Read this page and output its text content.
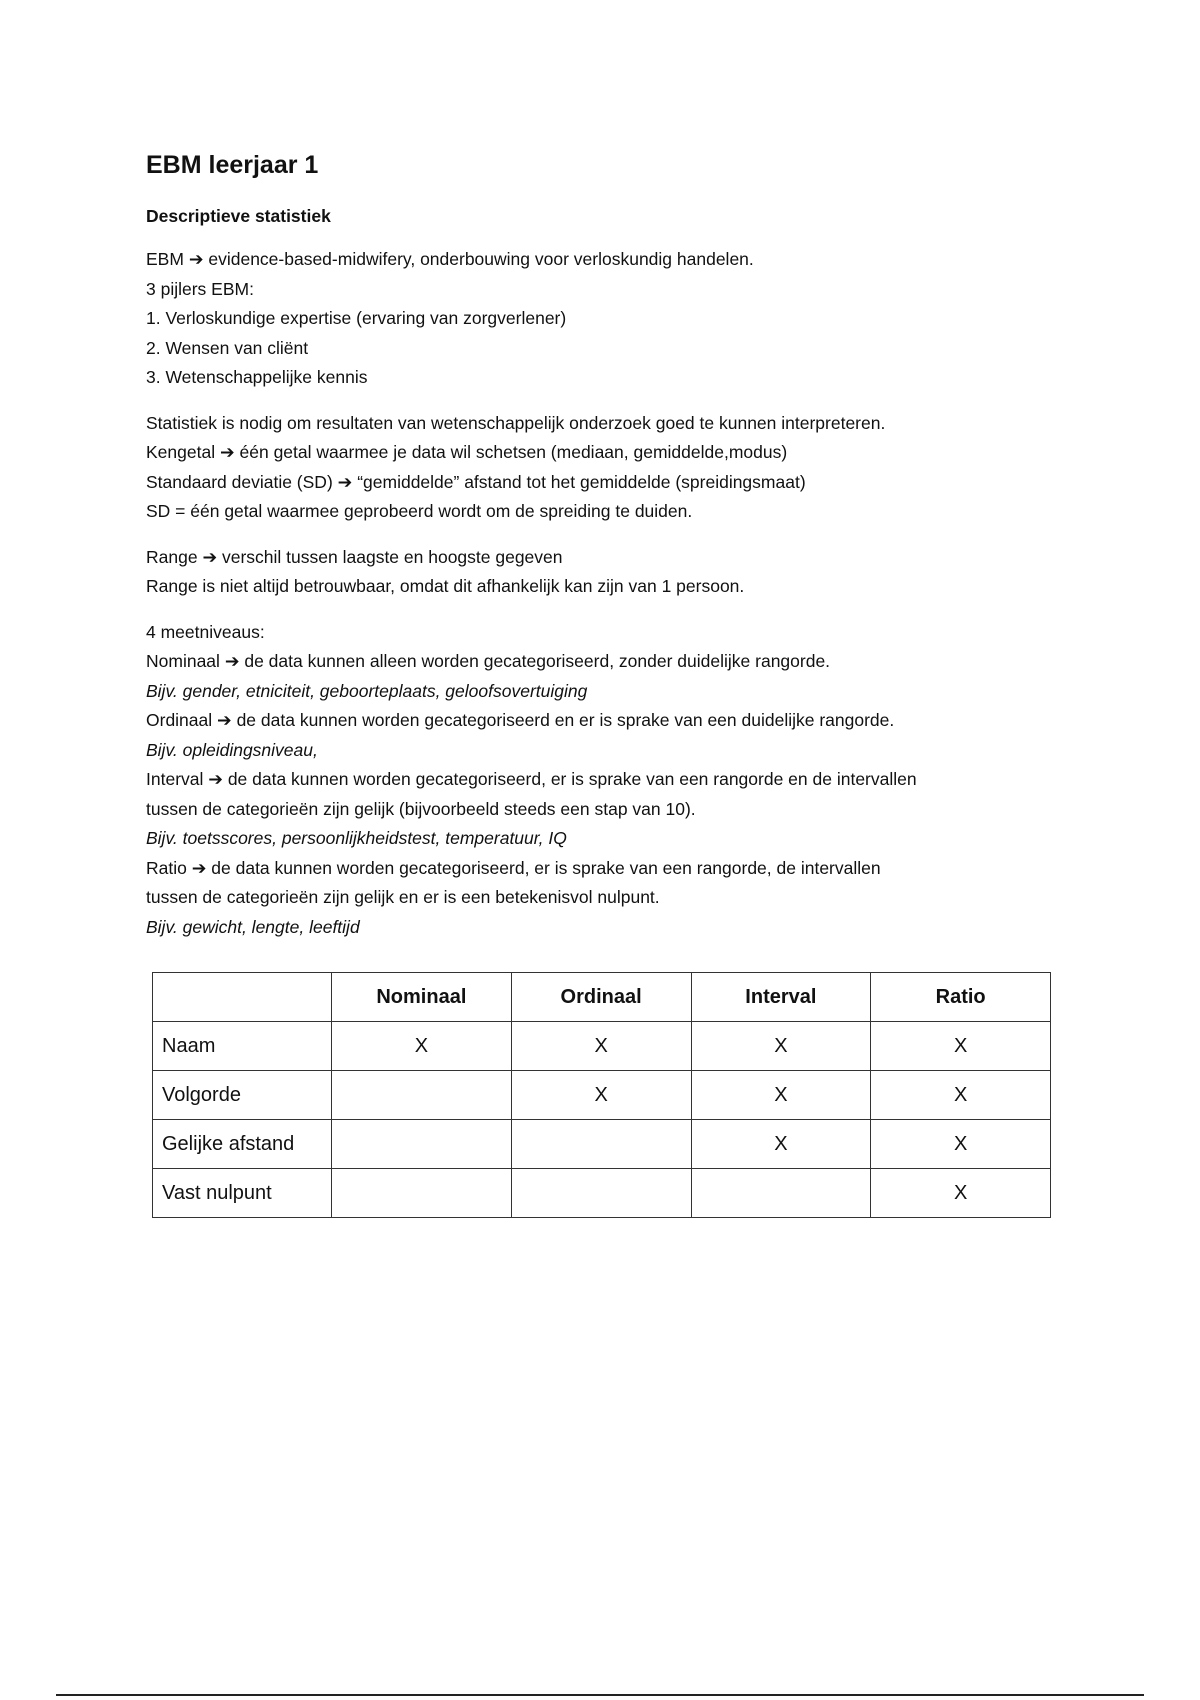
EBM leerjaar 1
Descriptieve statistiek
EBM ➔ evidence-based-midwifery, onderbouwing voor verloskundig handelen.
3 pijlers EBM:
1. Verloskundige expertise (ervaring van zorgverlener)
2. Wensen van cliënt
3. Wetenschappelijke kennis
Statistiek is nodig om resultaten van wetenschappelijk onderzoek goed te kunnen interpreteren.
Kengetal ➔ één getal waarmee je data wil schetsen (mediaan, gemiddelde,modus)
Standaard deviatie (SD) ➔ “gemiddelde” afstand tot het gemiddelde (spreidingsmaat)
SD = één getal waarmee geprobeerd wordt om de spreiding te duiden.
Range ➔ verschil tussen laagste en hoogste gegeven
Range is niet altijd betrouwbaar, omdat dit afhankelijk kan zijn van 1 persoon.
4 meetniveaus:
Nominaal ➔ de data kunnen alleen worden gecategoriseerd, zonder duidelijke rangorde.
Bijv. gender, etniciteit, geboorteplaats, geloofsovertuiging
Ordinaal ➔ de data kunnen worden gecategoriseerd en er is sprake van een duidelijke rangorde.
Bijv. opleidingsniveau,
Interval ➔ de data kunnen worden gecategoriseerd, er is sprake van een rangorde en de intervallen
tussen de categorieën zijn gelijk (bijvoorbeeld steeds een stap van 10).
Bijv. toetsscores, persoonlijkheidstest, temperatuur, IQ
Ratio ➔ de data kunnen worden gecategoriseerd, er is sprake van een rangorde, de intervallen
tussen de categorieën zijn gelijk en er is een betekenisvol nulpunt.
Bijv. gewicht, lengte, leeftijd
	Nominaal	Ordinaal	Interval	Ratio
Naam	X	X	X	X
Volgorde		X	X	X
Gelijke afstand			X	X
Vast nulpunt				X
